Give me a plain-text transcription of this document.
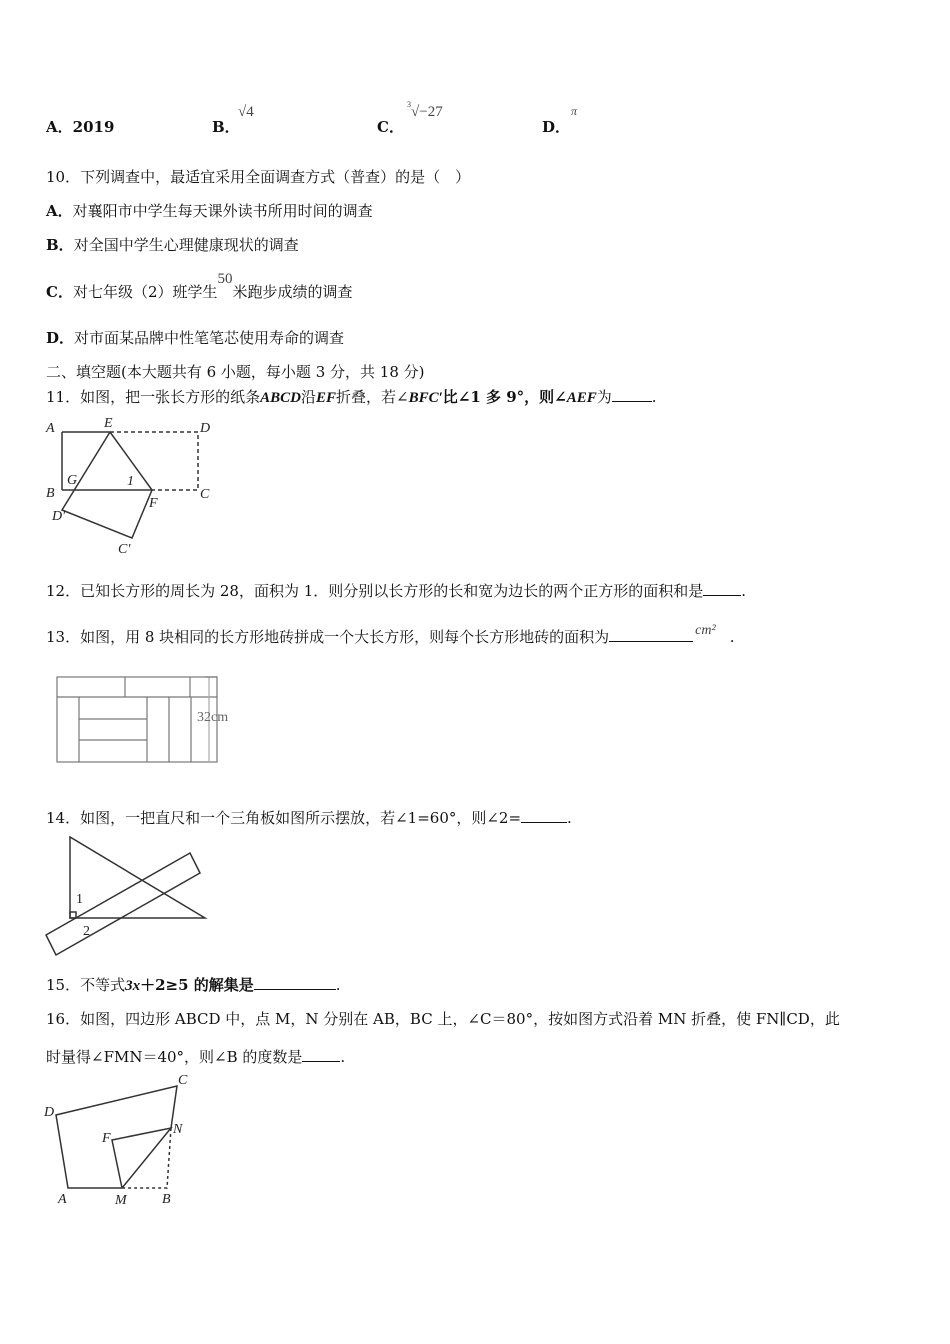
A．2019	B．
√4
C．
3 √−27
D．
π
10．下列调查中，最适宜采用全面调查方式（普查）的是（　）
A．对襄阳市中学生每天课外读书所用时间的调查
B．对全国中学生心理健康现状的调查
C．对七年级（2）班学生50米跑步成绩的调查
D．对市面某品牌中性笔笔芯使用寿命的调查
二、填空题(本大题共有 6 小题，每小题 3 分，共 18 分)
11．如图，把一张长方形的纸条ABCD沿EF折叠，若∠BFC′比∠1 多 9°，则∠AEF为	.
A	E	D
B
G	1
C
D′
F
C′
12．已知长方形的周长为 28，面积为 1．则分别以长方形的长和宽为边长的两个正方形的面积和是	.
13．如图，用 8 块相同的长方形地砖拼成一个大长方形，则每个长方形地砖的面积为	cm² .
32cm
14．如图，一把直尺和一个三角板如图所示摆放，若∠1=60°，则∠2=	.
1
2
15．不等式3x＋2≥5 的解集是	.
16．如图，四边形 ABCD 中，点 M，N 分别在 AB，BC 上，∠C＝80°，按如图方式沿着 MN 折叠，使 FN∥CD，此
时量得∠FMN＝40°，则∠B 的度数是	.
C
D
F
N
A	M	B
